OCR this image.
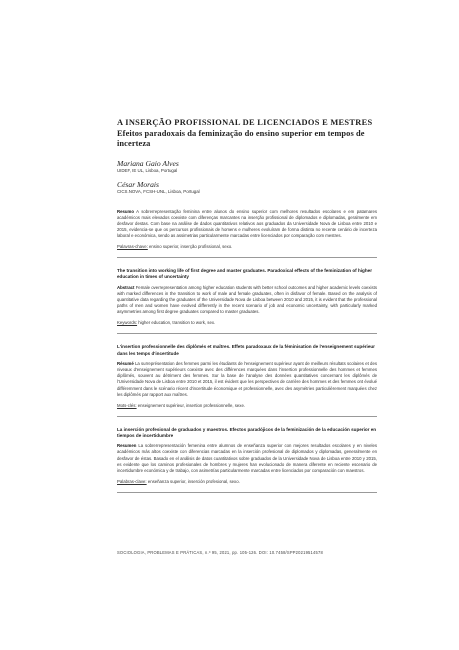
A INSERÇÃO PROFISSIONAL DE LICENCIADOS E MESTRES
Efeitos paradoxais da feminização do ensino superior em tempos de incerteza
Mariana Gaio Alves
UIDEF, IE UL, Lisboa, Portugal
César Morais
CICS.NOVA, FCSH-UNL, Lisboa, Portugal

Resumo A sobrerrepresentação feminina entre alunos do ensino superior com melhores resultados escolares e em patamares académicos mais elevados coexiste com diferenças marcantes na inserção profissional de diplomados e diplomadas, geralmente em desfavor destas. Com base na análise de dados quantitativos relativos aos graduados da Universidade Nova de Lisboa entre 2010 e 2015, evidencia-se que os percursos profissionais de homens e mulheres evoluíram de forma distinta no recente cenário de incerteza laboral e económica, sendo as assimetrias particularmente marcadas entre licenciados por comparação com mestres.

Palavras-chave: ensino superior, inserção profissional, sexo.

The transition into working life of first degree and master graduates. Paradoxical effects of the feminization of higher education in times of uncertainty

Abstract Female overrepresentation among higher education students with better school outcomes and higher academic levels coexists with marked differences in the transition to work of male and female graduates, often in disfavor of female. Based on the analysis of quantitative data regarding the graduates of the Universidade Nova de Lisboa between 2010 and 2015, it is evident that the professional paths of men and women have evolved differently in the recent scenario of job and economic uncertainty, with particularly marked asymmetries among first degree graduates compared to master graduates.

Keywords: higher education, transition to work, sex.

L'insertion professionnelle des diplômés et maîtres. Effets paradoxaux de la féminisation de l'enseignement supérieur dans les temps d'incertitude

Résumé La surreprésentation des femmes parmi les étudiants de l'enseignement supérieur ayant de meilleurs résultats scolaires et des niveaux d'enseignement supérieurs coexiste avec des différences marquées dans l'insertion professionnelle des hommes et femmes diplômés, souvent au détriment des femmes. Sur la base de l'analyse des données quantitatives concernant les diplômés de l'Universidade Nova de Lisboa entre 2010 et 2015, il est évident que les perspectives de carrière des hommes et des femmes ont évolué différemment dans le scénario récent d'incertitude économique et professionnelle, avec des asymétries particulièrement marquées chez les diplômés par rapport aux maîtres.

Mots-clés: enseignement supérieur, insertion professionnelle, sexe.

La inserción profesional de graduados y maestros. Efectos paradójicos de la feminización de la educación superior en tiempos de incertidumbre

Resumen La sobrerrepresentación femenina entre alumnos de enseñanza superior con mejores resultados escolares y en niveles académicos más altos coexiste con diferencias marcadas en la inserción profesional de diplomados y diplomadas, generalmente en desfavor de éstas. Basado en el análisis de datos cuantitativos sobre graduados de la Universidade Nova de Lisboa entre 2010 y 2015, es evidente que los caminos profesionales de hombres y mujeres han evolucionado de manera diferente en reciente escenario de incertidumbre económica y de trabajo, con asimetrías particularmente marcadas entre licenciados por comparación con maestros.

Palabras-clave: enseñanza superior, inserción profesional, sexo.

SOCIOLOGIA, PROBLEMAS E PRÁTICAS, n.º 95, 2021, pp. 105-126. DOI: 10.7458/SPP20219514578
